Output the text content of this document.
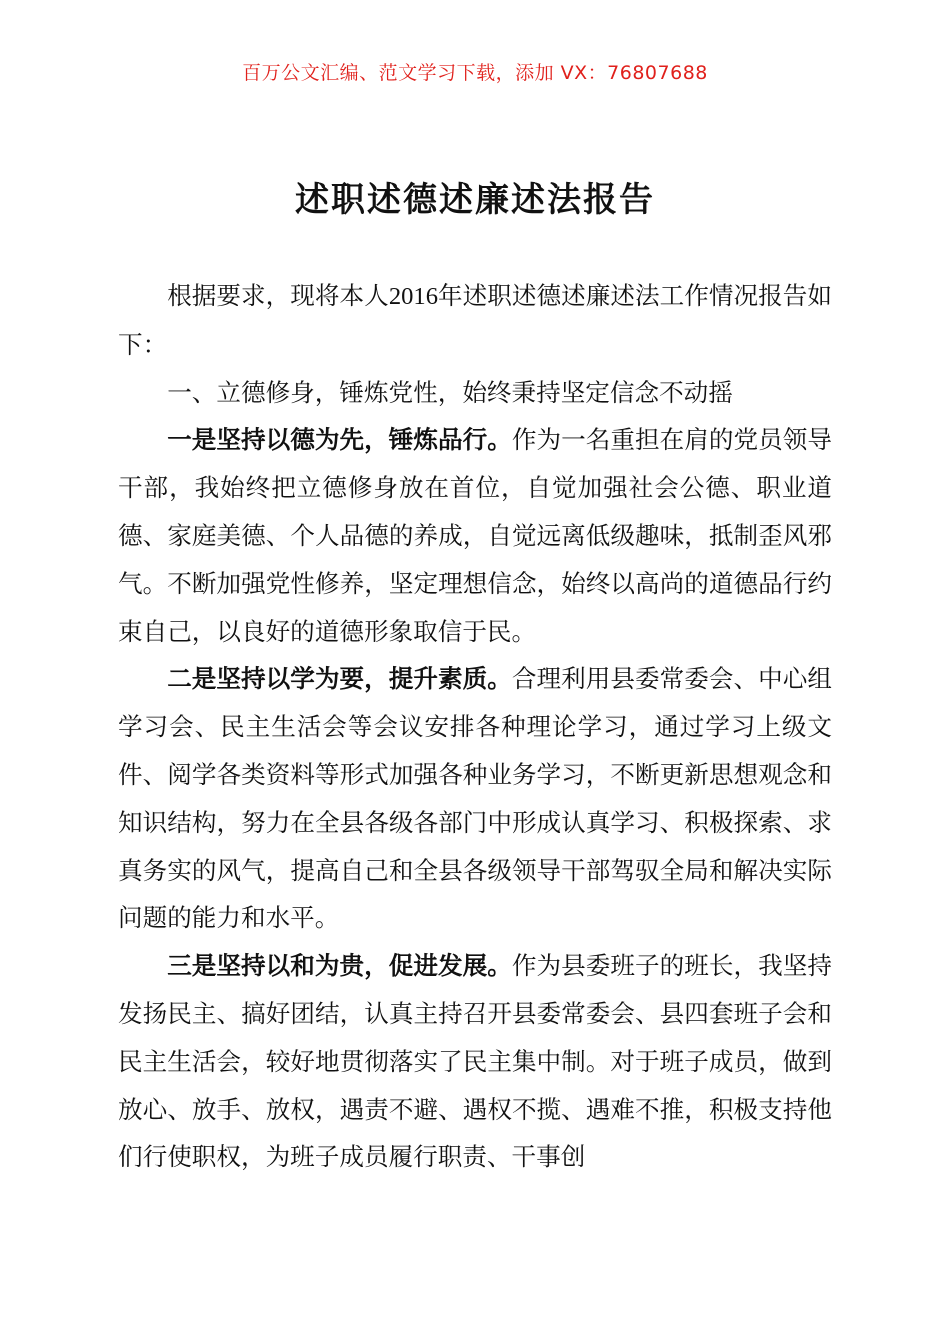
百万公文汇编、范文学习下载，添加 VX：76807688
述职述德述廉述法报告

根据要求，现将本人2016年述职述德述廉述法工作情况报告如下：

一、立德修身，锤炼党性，始终秉持坚定信念不动摇

一是坚持以德为先，锤炼品行。作为一名重担在肩的党员领导干部，我始终把立德修身放在首位，自觉加强社会公德、职业道德、家庭美德、个人品德的养成，自觉远离低级趣味，抵制歪风邪气。不断加强党性修养，坚定理想信念，始终以高尚的道德品行约束自己，以良好的道德形象取信于民。

二是坚持以学为要，提升素质。合理利用县委常委会、中心组学习会、民主生活会等会议安排各种理论学习，通过学习上级文件、阅学各类资料等形式加强各种业务学习，不断更新思想观念和知识结构，努力在全县各级各部门中形成认真学习、积极探索、求真务实的风气，提高自己和全县各级领导干部驾驭全局和解决实际问题的能力和水平。

三是坚持以和为贵，促进发展。作为县委班子的班长，我坚持发扬民主、搞好团结，认真主持召开县委常委会、县四套班子会和民主生活会，较好地贯彻落实了民主集中制。对于班子成员，做到放心、放手、放权，遇责不避、遇权不揽、遇难不推，积极支持他们行使职权，为班子成员履行职责、干事创
